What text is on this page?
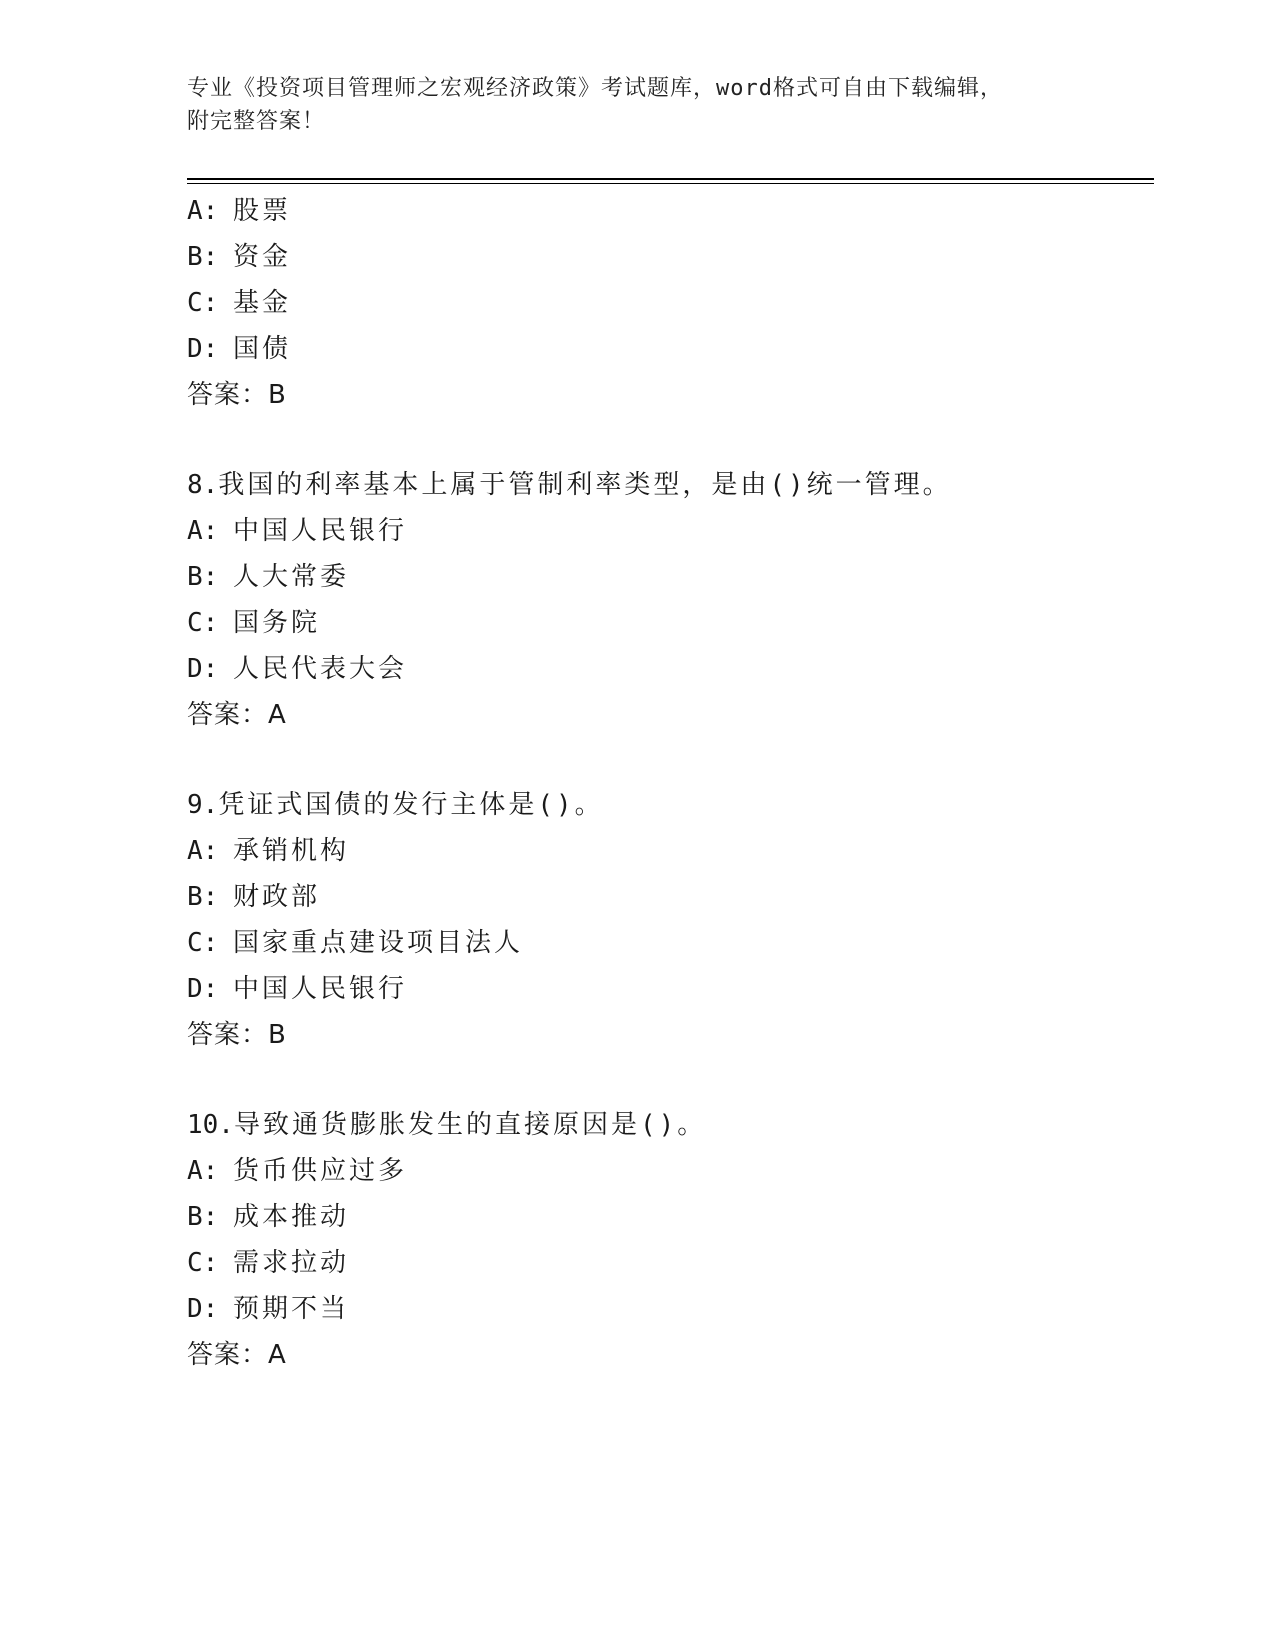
专业《投资项目管理师之宏观经济政策》考试题库，word格式可自由下载编辑，
附完整答案！
A: 股票
B: 资金
C: 基金
D: 国债
答案：B
8.我国的利率基本上属于管制利率类型，是由()统一管理。
A: 中国人民银行
B: 人大常委
C: 国务院
D: 人民代表大会
答案：A
9.凭证式国债的发行主体是()。
A: 承销机构
B: 财政部
C: 国家重点建设项目法人
D: 中国人民银行
答案：B
10.导致通货膨胀发生的直接原因是()。
A: 货币供应过多
B: 成本推动
C: 需求拉动
D: 预期不当
答案：A
